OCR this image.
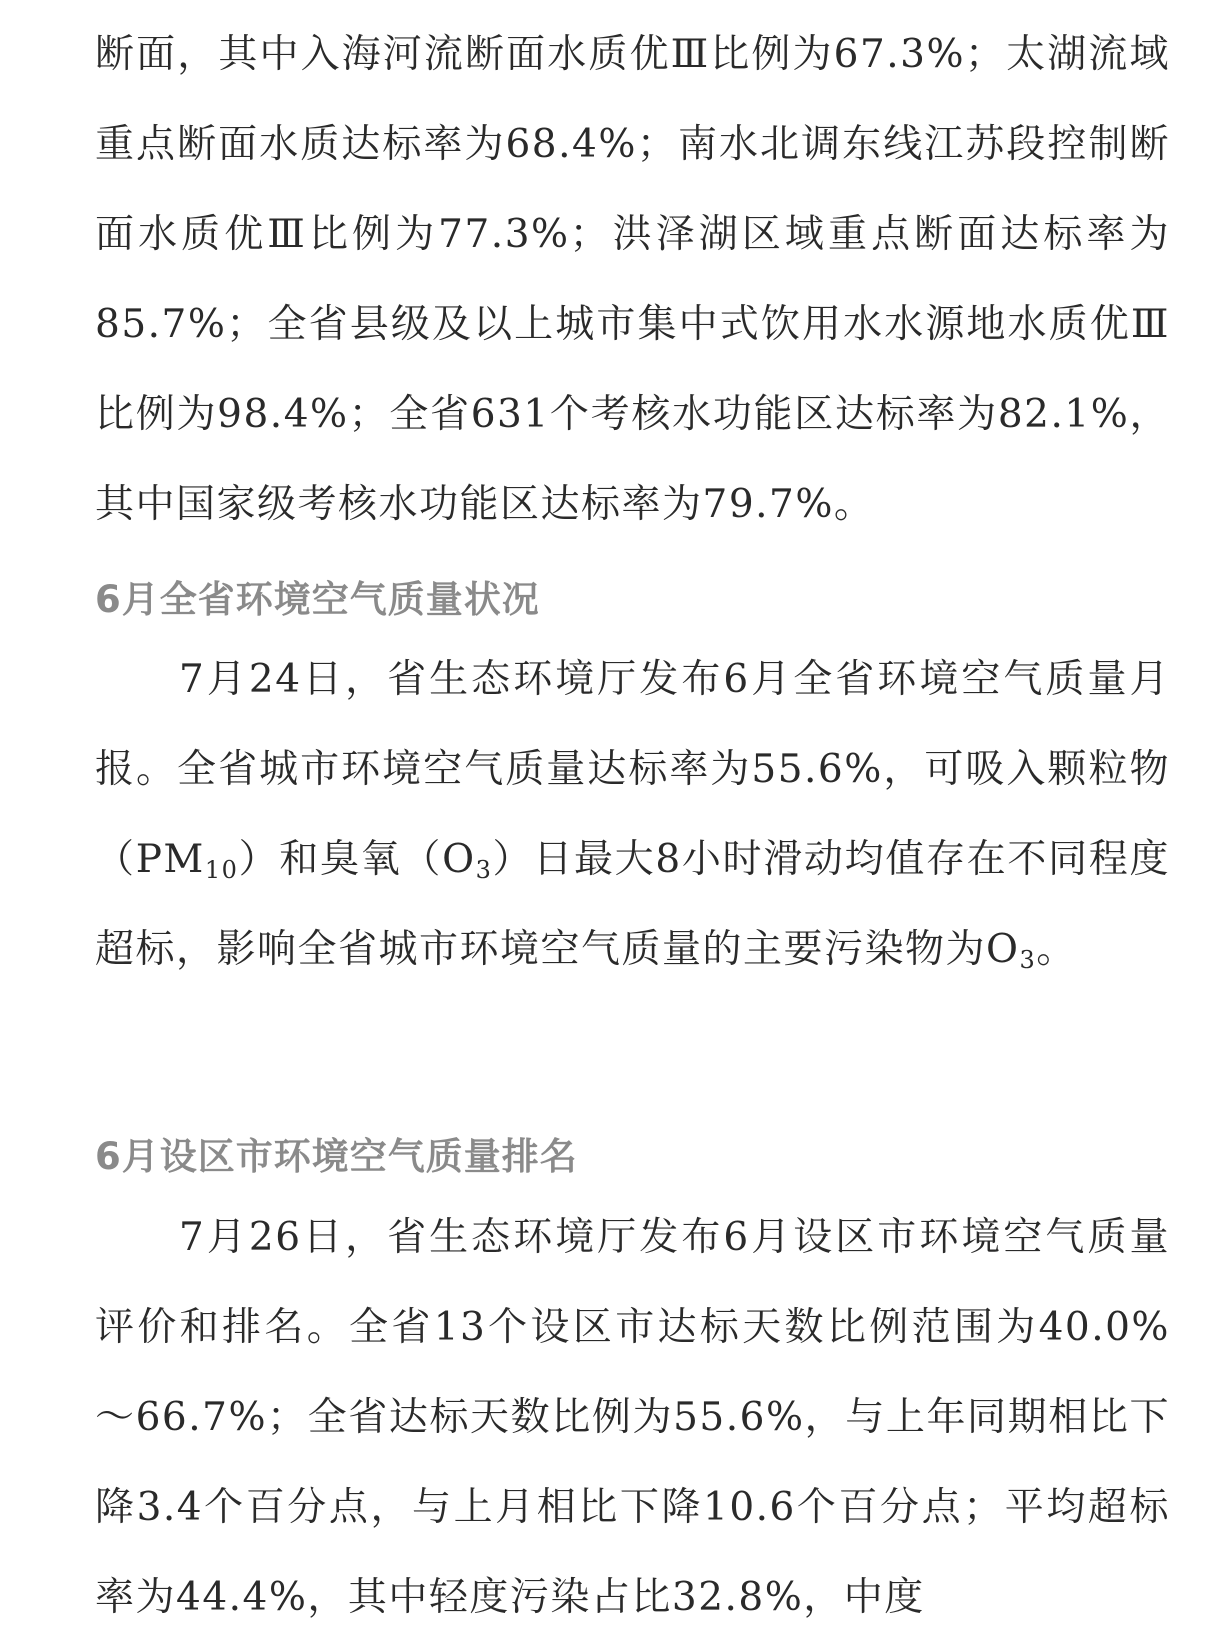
断面，其中入海河流断面水质优Ⅲ比例为67.3%；太湖流域重点断面水质达标率为68.4%；南水北调东线江苏段控制断面水质优Ⅲ比例为77.3%；洪泽湖区域重点断面达标率为85.7%；全省县级及以上城市集中式饮用水水源地水质优Ⅲ比例为98.4%；全省631个考核水功能区达标率为82.1%，其中国家级考核水功能区达标率为79.7%。

6月全省环境空气质量状况

7月24日，省生态环境厅发布6月全省环境空气质量月报。全省城市环境空气质量达标率为55.6%，可吸入颗粒物$(PM_{10})$和臭氧$(O_3)$日最大8小时滑动均值存在不同程度超标，影响全省城市环境空气质量的主要污染物为$O_3$。

6月设区市环境空气质量排名

7月26日，省生态环境厅发布6月设区市环境空气质量评价和排名。全省13个设区市达标天数比例范围为40.0%～66.7%；全省达标天数比例为55.6%，与上年同期相比下降3.4个百分点，与上月相比下降10.6个百分点；平均超标率为44.4%，其中轻度污染占比32.8%，中度
